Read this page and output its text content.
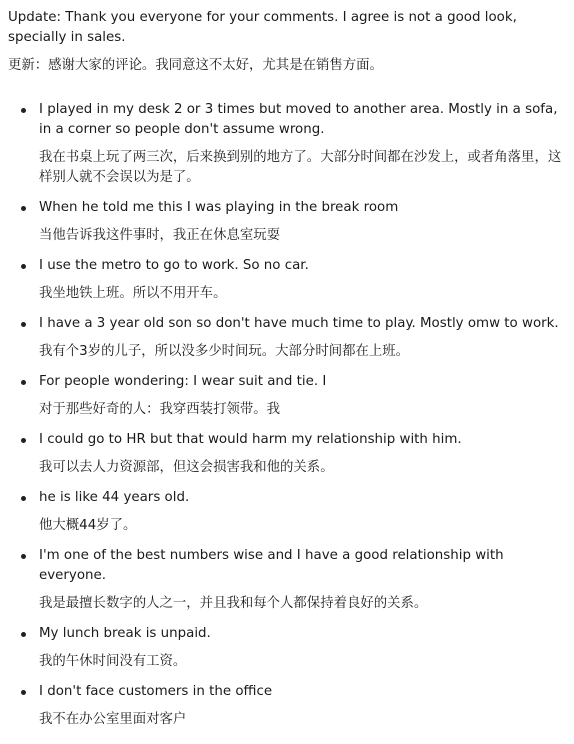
Update: Thank you everyone for your comments. I agree is not a good look, specially in sales.

更新：感谢大家的评论。我同意这不太好，尤其是在销售方面。

I played in my desk 2 or 3 times but moved to another area. Mostly in a sofa, in a corner so people don't assume wrong.
我在书桌上玩了两三次，后来换到别的地方了。大部分时间都在沙发上，或者角落里，这样别人就不会误以为是了。
When he told me this I was playing in the break room
当他告诉我这件事时，我正在休息室玩耍
I use the metro to go to work. So no car.
我坐地铁上班。所以不用开车。
I have a 3 year old son so don't have much time to play. Mostly omw to work.
我有个3岁的儿子，所以没多少时间玩。大部分时间都在上班。
For people wondering: I wear suit and tie. I
对于那些好奇的人：我穿西装打领带。我
I could go to HR but that would harm my relationship with him.
我可以去人力资源部，但这会损害我和他的关系。
he is like 44 years old.
他大概44岁了。
I'm one of the best numbers wise and I have a good relationship with everyone.
我是最擅长数字的人之一，并且我和每个人都保持着良好的关系。
My lunch break is unpaid.
我的午休时间没有工资。
I don't face customers in the office
我不在办公室里面对客户
